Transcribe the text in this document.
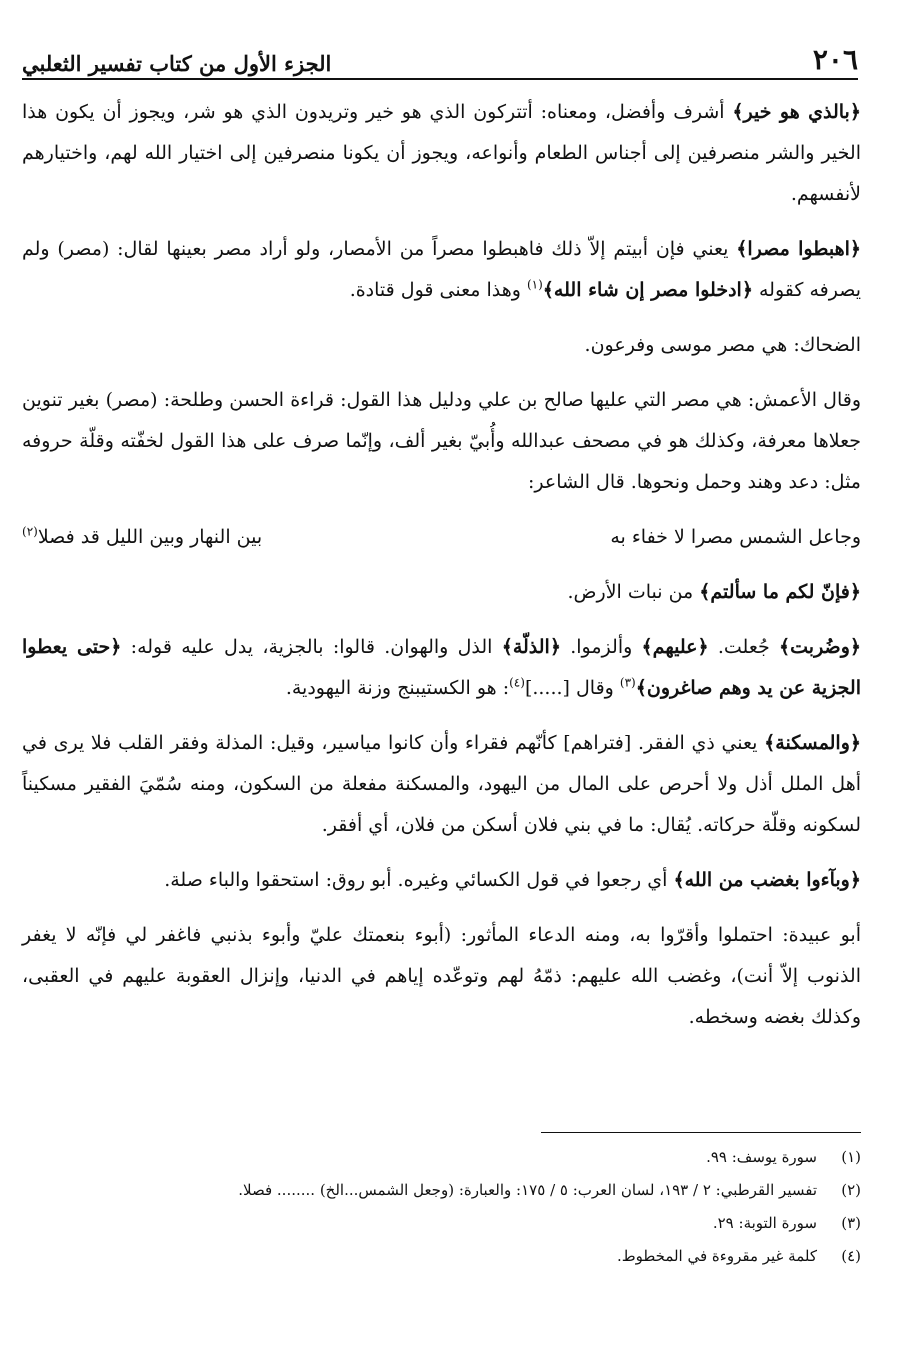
٢٠٦
الجزء الأول من كتاب تفسير الثعلبي

﴿بالذي هو خير﴾ أشرف وأفضل، ومعناه: أتتركون الذي هو خير وتريدون الذي هو شر، ويجوز أن يكون هذا الخير والشر منصرفين إلى أجناس الطعام وأنواعه، ويجوز أن يكونا منصرفين إلى اختيار الله لهم، واختيارهم لأنفسهم.

﴿اهبطوا مصرا﴾ يعني فإن أبيتم إلاّ ذلك فاهبطوا مصراً من الأمصار، ولو أراد مصر بعينها لقال: (مصر) ولم يصرفه كقوله ﴿ادخلوا مصر إن شاء الله﴾$^{(١)}$ وهذا معنى قول قتادة.

الضحاك: هي مصر موسى وفرعون.

وقال الأعمش: هي مصر التي عليها صالح بن علي ودليل هذا القول: قراءة الحسن وطلحة: (مصر) بغير تنوين جعلاها معرفة، وكذلك هو في مصحف عبدالله وأُبيّ بغير ألف، وإنّما صرف على هذا القول لخفّته وقلّة حروفه مثل: دعد وهند وحمل ونحوها. قال الشاعر:

وجاعل الشمس مصرا لا خفاء به
بين النهار وبين الليل قد فصلا$^{(٢)}$

﴿فإنّ لكم ما سألتم﴾ من نبات الأرض.

﴿وضُربت﴾ جُعلت. ﴿عليهم﴾ وألزموا. ﴿الذلّة﴾ الذل والهوان. قالوا: بالجزية، يدل عليه قوله: ﴿حتى يعطوا الجزية عن يد وهم صاغرون﴾$^{(٣)}$ وقال [.....]$^{(٤)}$: هو الكستيبنج وزنة اليهودية.

﴿والمسكنة﴾ يعني ذي الفقر. [فتراهم] كأنّهم فقراء وأن كانوا مياسير، وقيل: المذلة وفقر القلب فلا يرى في أهل الملل أذل ولا أحرص على المال من اليهود، والمسكنة مفعلة من السكون، ومنه سُمّيَ الفقير مسكيناً لسكونه وقلّة حركاته. يُقال: ما في بني فلان أسكن من فلان، أي أفقر.

﴿وبآءوا بغضب من الله﴾ أي رجعوا في قول الكسائي وغيره. أبو روق: استحقوا والباء صلة.

أبو عبيدة: احتملوا وأقرّوا به، ومنه الدعاء المأثور: (أبوء بنعمتك عليّ وأبوء بذنبي فاغفر لي فإنّه لا يغفر الذنوب إلاّ أنت)، وغضب الله عليهم: ذمّهُ لهم وتوعّده إياهم في الدنيا، وإنزال العقوبة عليهم في العقبى، وكذلك بغضه وسخطه.

(١)
سورة يوسف: ٩٩.
(٢)
تفسير القرطبي: ٢ / ١٩٣، لسان العرب: ٥ / ١٧٥: والعبارة: (وجعل الشمس...الخ) ........ فصلا.
(٣)
سورة التوبة: ٢٩.
(٤)
كلمة غير مقروءة في المخطوط.
